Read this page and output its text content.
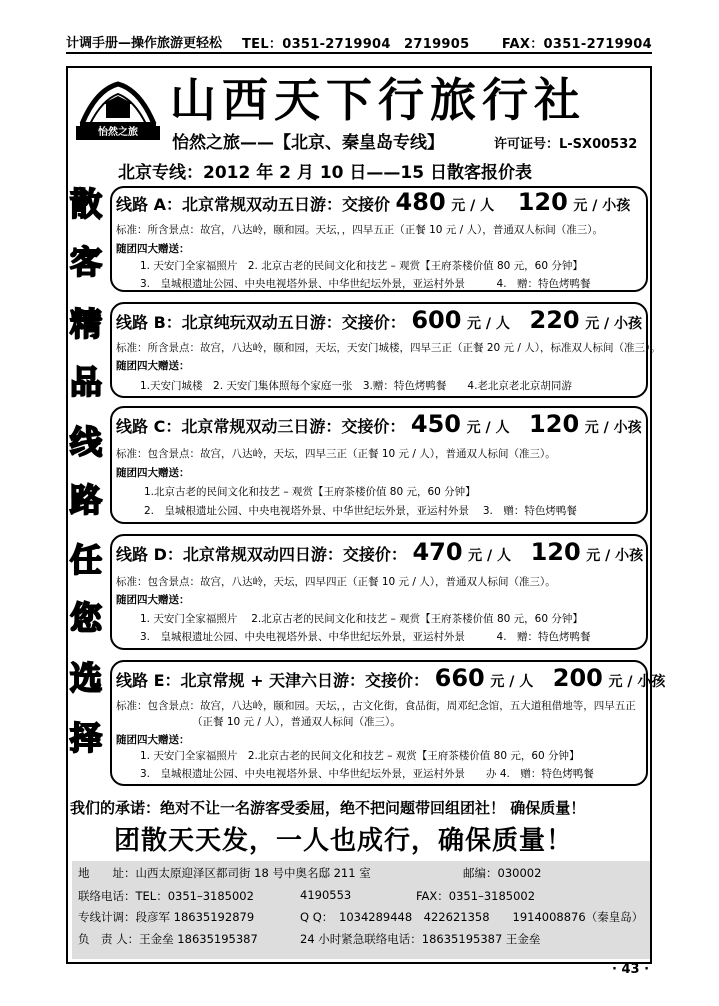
计调手册—操作旅游更轻松 TEL：0351-2719904　2719905 FAX：0351-2719904
怡然之旅
山西天下行旅行社
怡然之旅——【北京、秦皇岛专线】	许可证号：L-SX00532
北京专线：2012 年 2 月 10 日——15 日散客报价表
散
客
精
品
线
路
任
您
选
择
线路 A：北京常规双动五日游：交接价 480 元 / 人 120 元 / 小孩
标准：所含景点：故宫，八达岭，颐和园。天坛，，四早五正（正餐 10 元 / 人），普通双人标间（准三）。
随团四大赠送：
1. 天安门全家福照片　2. 北京古老的民间文化和技艺 – 观赏【王府茶楼价值 80 元，60 分钟】
3.　皇城根遗址公园、中央电视塔外景、中华世纪坛外景，亚运村外景　　　4.　赠：特色烤鸭餐
线路 B：北京纯玩双动五日游：交接价： 600 元 / 人 220 元 / 小孩
标准：所含景点：故宫，八达岭，颐和园，天坛，天安门城楼，四早三正（正餐 20 元 / 人），标准双人标间（准三）。
随团四大赠送：
1.天安门城楼　2. 天安门集体照每个家庭一张　3.赠：特色烤鸭餐　　4.老北京老北京胡同游
线路 C：北京常规双动三日游：交接价： 450 元 / 人 120 元 / 小孩
标准：包含景点：故宫，八达岭，天坛，四早三正（正餐 10 元 / 人），普通双人标间（准三）。
随团四大赠送：
1.北京古老的民间文化和技艺 – 观赏【王府茶楼价值 80 元，60 分钟】
2.　皇城根遗址公园、中央电视塔外景、中华世纪坛外景，亚运村外景　 3.　赠：特色烤鸭餐
线路 D：北京常规双动四日游：交接价： 470 元 / 人 120 元 / 小孩
标准：包含景点：故宫，八达岭，天坛，四早四正（正餐 10 元 / 人），普通双人标间（准三）。
随团四大赠送：
1. 天安门全家福照片　 2.北京古老的民间文化和技艺 – 观赏【王府茶楼价值 80 元，60 分钟】
3.　皇城根遗址公园、中央电视塔外景、中华世纪坛外景，亚运村外景　　　4.　赠：特色烤鸭餐
线路 E：北京常规 + 天津六日游：交接价： 660 元 / 人 200 元 / 小孩
标准：包含景点：故宫，八达岭，颐和园。天坛，，古文化街，食品街，周邓纪念馆，五大道租借地等，四早五正
（正餐 10 元 / 人），普通双人标间（准三）。
随团四大赠送：
1. 天安门全家福照片　2.北京古老的民间文化和技艺 – 观赏【王府茶楼价值 80 元，60 分钟】
3.　皇城根遗址公园、中央电视塔外景、中华世纪坛外景，亚运村外景　　办 4.　赠：特色烤鸭餐
我们的承诺：绝对不让一名游客受委屈，绝不把问题带回组团社！ 确保质量！
团散天天发，一人也成行，确保质量！
地　　址：山西太原迎泽区都司街 18 号中奥名邸 211 室	邮编：030002
联络电话：TEL：0351–3185002	4190553	FAX：0351–3185002
专线计调：段彦军 18635192879	Q Q：　1034289448　422621358　　1914008876（秦皇岛）
负　责 人：王金垒 18635195387	24 小时紧急联络电话：18635195387 王金垒
· 43 ·
